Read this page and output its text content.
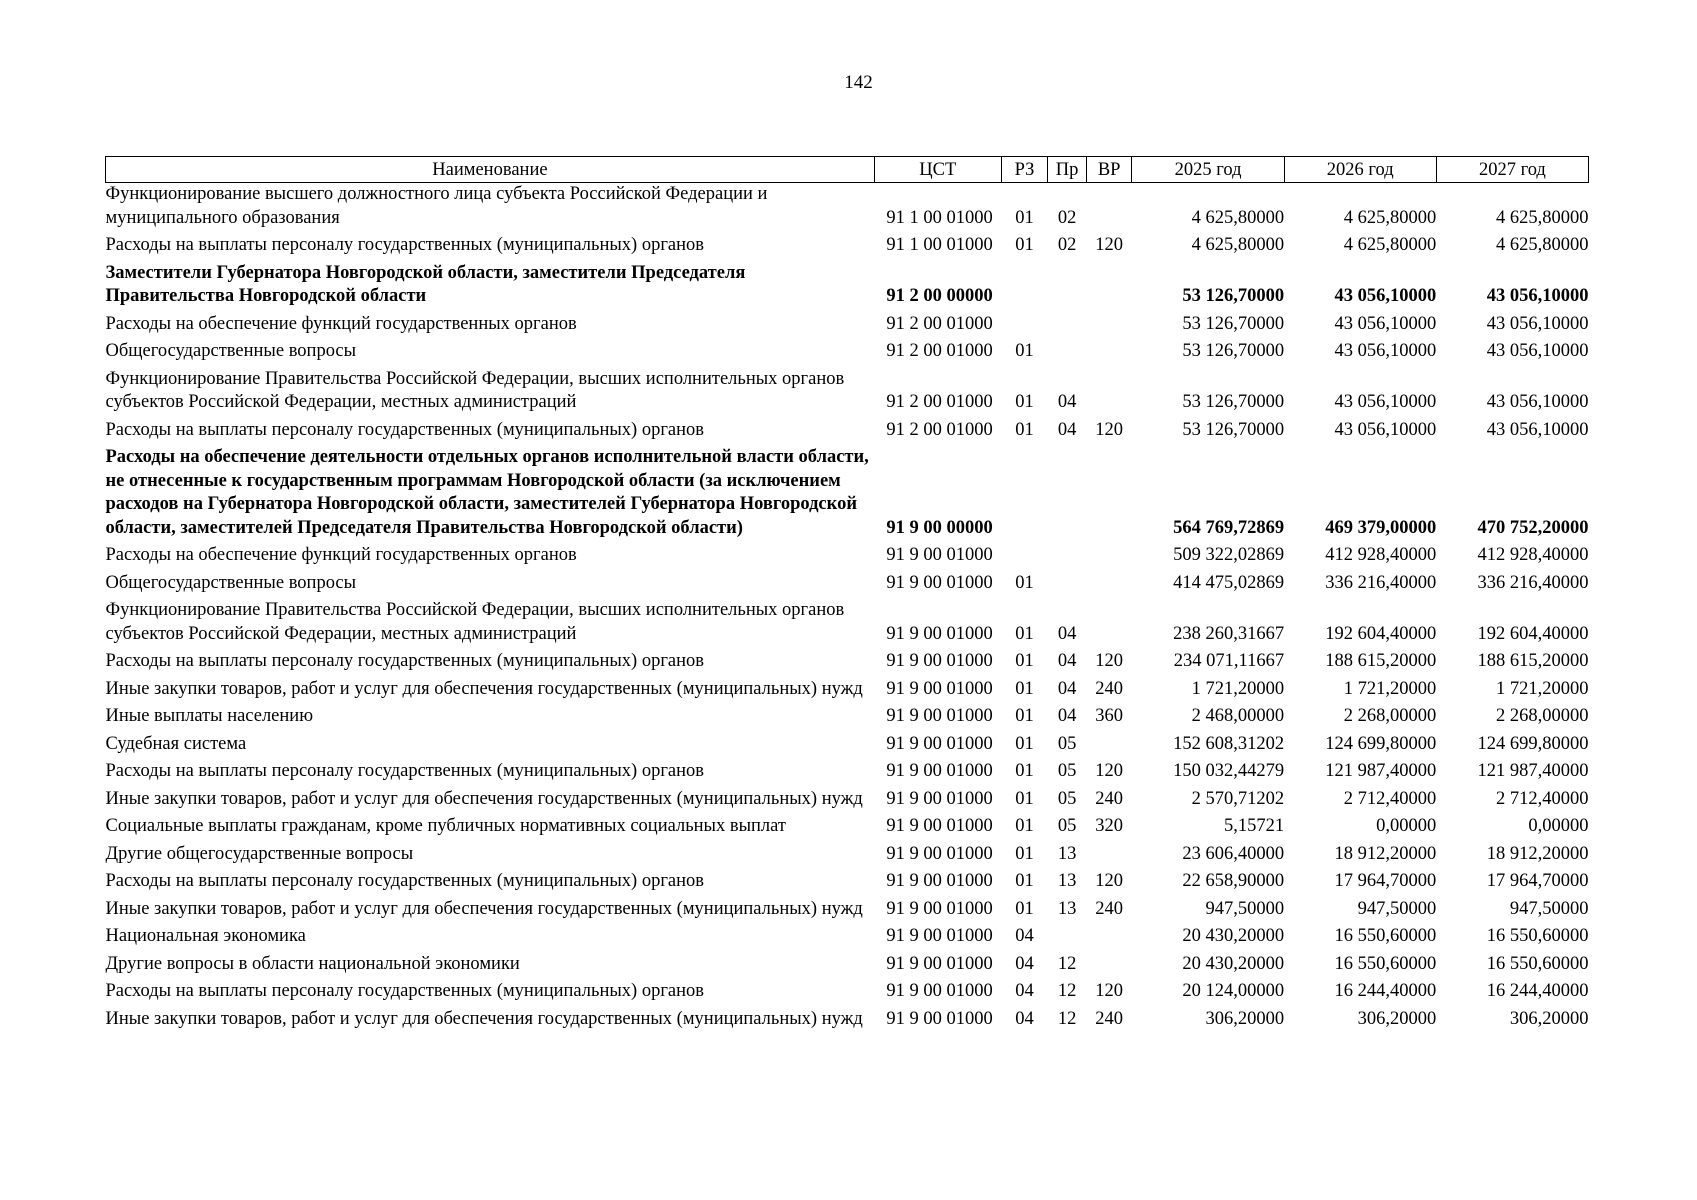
142
Наименование	ЦСТ	РЗ	Пр	ВР	2025 год	2026 год	2027 год
Функционирование высшего должностного лица субъекта Российской Федерации и муниципального образования	91 1 00 01000	01	02		4 625,80000	4 625,80000	4 625,80000
Расходы на выплаты персоналу государственных (муниципальных) органов	91 1 00 01000	01	02	120	4 625,80000	4 625,80000	4 625,80000
Заместители Губернатора Новгородской области, заместители Председателя Правительства Новгородской области	91 2 00 00000				53 126,70000	43 056,10000	43 056,10000
Расходы на обеспечение функций государственных органов	91 2 00 01000				53 126,70000	43 056,10000	43 056,10000
Общегосударственные вопросы	91 2 00 01000	01			53 126,70000	43 056,10000	43 056,10000
Функционирование Правительства Российской Федерации, высших исполнительных органов субъектов Российской Федерации, местных администраций	91 2 00 01000	01	04		53 126,70000	43 056,10000	43 056,10000
Расходы на выплаты персоналу государственных (муниципальных) органов	91 2 00 01000	01	04	120	53 126,70000	43 056,10000	43 056,10000
Расходы на обеспечение деятельности отдельных органов исполнительной власти области, не отнесенные к государственным программам Новгородской области (за исключением расходов на Губернатора Новгородской области, заместителей Губернатора Новгородской области, заместителей Председателя Правительства Новгородской области)	91 9 00 00000				564 769,72869	469 379,00000	470 752,20000
Расходы на обеспечение функций государственных органов	91 9 00 01000				509 322,02869	412 928,40000	412 928,40000
Общегосударственные вопросы	91 9 00 01000	01			414 475,02869	336 216,40000	336 216,40000
Функционирование Правительства Российской Федерации, высших исполнительных органов субъектов Российской Федерации, местных администраций	91 9 00 01000	01	04		238 260,31667	192 604,40000	192 604,40000
Расходы на выплаты персоналу государственных (муниципальных) органов	91 9 00 01000	01	04	120	234 071,11667	188 615,20000	188 615,20000
Иные закупки товаров, работ и услуг для обеспечения государственных (муниципальных) нужд	91 9 00 01000	01	04	240	1 721,20000	1 721,20000	1 721,20000
Иные выплаты населению	91 9 00 01000	01	04	360	2 468,00000	2 268,00000	2 268,00000
Судебная система	91 9 00 01000	01	05		152 608,31202	124 699,80000	124 699,80000
Расходы на выплаты персоналу государственных (муниципальных) органов	91 9 00 01000	01	05	120	150 032,44279	121 987,40000	121 987,40000
Иные закупки товаров, работ и услуг для обеспечения государственных (муниципальных) нужд	91 9 00 01000	01	05	240	2 570,71202	2 712,40000	2 712,40000
Социальные выплаты гражданам, кроме публичных нормативных социальных выплат	91 9 00 01000	01	05	320	5,15721	0,00000	0,00000
Другие общегосударственные вопросы	91 9 00 01000	01	13		23 606,40000	18 912,20000	18 912,20000
Расходы на выплаты персоналу государственных (муниципальных) органов	91 9 00 01000	01	13	120	22 658,90000	17 964,70000	17 964,70000
Иные закупки товаров, работ и услуг для обеспечения государственных (муниципальных) нужд	91 9 00 01000	01	13	240	947,50000	947,50000	947,50000
Национальная экономика	91 9 00 01000	04			20 430,20000	16 550,60000	16 550,60000
Другие вопросы в области национальной экономики	91 9 00 01000	04	12		20 430,20000	16 550,60000	16 550,60000
Расходы на выплаты персоналу государственных (муниципальных) органов	91 9 00 01000	04	12	120	20 124,00000	16 244,40000	16 244,40000
Иные закупки товаров, работ и услуг для обеспечения государственных (муниципальных) нужд	91 9 00 01000	04	12	240	306,20000	306,20000	306,20000
